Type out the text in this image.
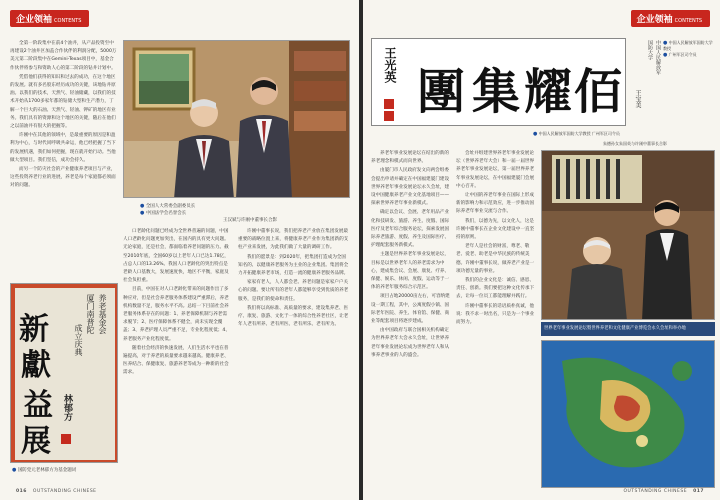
企业领袖 CONTENTS

全第一阶段集中在前4个油井，从产品投资至中再建设2个油井区加盖合作伙伴的利润分配，5000万美元第二阶段集中在Gemini-Texas项目中，基金合作伙伴将参与和资助人心的第二阶段的钻井计划中。

凭借他们获得的知识和过去的成功，在这个地区的发展。就有多名股东经历成功的关键，该地钻井原油。以我们的技术，天然气、轻油储藏，以我们的技术开始从1700多家年都的钻储大型和生产潜力，丁解一个巨大的石油、天然气、轻油、钾矿的地区有业务。我们具有的资源和这个地区的关键，随后在他们之以前油井有很大的把握等。

许刚中在其他的领域中，是最重要的原因是和盈利为中心，与时代同呼吸共命运，他已经把握了当下的发展机遇，我们如何把握，现在就开始行动。当他做大型项目。我们坚信，成功会持久。

而另一个防灾社会的产业健康养老项目与产业，这些投资养老行业的进展，养老是每个家庭都必须面对的问题。

● 全国人大常委会副委员长
● 中国法学会名誉会长
王汉斌与许刚中董事长合影

口老龄化问题已经成为全世界普遍的问题，中国人口老龄化问题更加突出，在国内的具有更大问题。无论家庭，还是社会，都面临着养老问题的压力。截至2010年底，全国60岁以上老年人口已达1.78亿，占总人口的13.26%。我国人口老龄化的突出特点是老龄人口基数大，发展速度快，地区不平衡，家庭及社会负担重。

目前，中国在对人口老龄化带来的问题作出了多种应对，但是社会养老服务体系建设严重滞后，养老机构数量不足，服务水平不高。总结一下目前社会养老服务体系存在的问题：1、养老保障机制与养老需求脱节；2、医疗保障体系不健全，尚未实现全覆盖；3、养老护理人员严重不足，专业化程度低；4、养老服务产业化程度低。

随着社会经济的快速发展，人们生活水平也在普遍提高，对于养老的质量要求越来越高。健康养老、医养结合、保健康复、旅游养老等成为一种新的社会需求。

许刚中董事长说，我们把养老产业放在集团发展最重要的战略位置上来，将健康养老产业作为集团新的支柱产业来发展，为此我们做了大量的调研工作。

我们的愿景是：到2020年，把集团打造成为全国知名的、以健康养老服务为主业的企业集团。集团将全力开拓健康养老市场，打造一流的健康养老服务品牌。

家家有老人，人人都会老。养老问题是家家户户关心的问题。要让所有的老年人都能够享受到优质的养老服务，是我们的使命和责任。

我们将以高标准、高质量的要求，建设集养老、医疗、康复、旅游、文化于一体的综合性养老社区，让老年人老有所养、老有所医、老有所乐、老有所为。

新
獻
益
展
厦门南普陀 养老基金会
成立庆典
林郁方
● 国防党元老林郁方为基金题词
016 OUTSTANDING CHINESE
企业领袖 CONTENTS
王光英 團 集 耀 佰
中国人民解放军
国防大学
王宝美
● 中国人民解放军国防大学教授
● 广州军区司令员
● 中国人民解放军国防大学教授 广州军区司令员
朱德孙女朱国英与许刚中董事长合影

养老年事业发展论坛在结出的新的养老理念和模式而向世界。

由厦门市人民政府发文向两会组委会提出申请并确定在中国福建厦门建设世界养老年事业发展论坛永久会址，建设中国健康养老产业文化基地项目——探索世界养老年事业新模式。

确定以会议、会展、老年用品产业化和技研发、旅游、养生、度假、国际医疗及老年综合服务论坛，探索发展国际养老旅游、度假、养生及国际医疗、护理配套服务新模式。

主题是世界养老年事业发展论坛，目标是以世界老年人的养老需求为中心，建成集会议、会展、康复、疗养、保健、娱乐、休闲、度假、运动等于一体的养老年服务综合示范区。

项目占地20000亩左右，可容纳建设一期工程，其中，公寓度假小镇、国际老年医院、养生、体育馆、保健、商业等配套项目将逐步建成。

由中国政府与联合国相关机构确定为世界养老年大会永久会址，让世界养老年事业发展论坛成为世界老年人和从事养老事业的人的盛会。

会址并组建世界养老年事业发展论坛（世界养老年大会）和一届一届世界养老年事业发展论坛，第一届世界养老年事业发展论坛，在中国福建厦门会展中心召开。

让中国的养老年事业在国际上形成新的影响力和示范效应，进一步推动国际养老年事业交流与合作。

我们，以德为先，以文化人，这是许刚中董事长在企业文化建设中一直坚持的原则。

老年人是社会的财富，尊老、敬老、爱老、助老是中华民族的传统美德。许刚中董事长说，做养老产业是一项功德无量的事业。

我们的企业文化是：诚信、感恩、责任、创新。我们要把这种文化传承下去，让每一位员工都能理解并践行。

许刚中董事长的话语质朴真诚，他说：我不求一时出名，只是为一个事业而努力。

世界老年事业发展论坛暨世界养老和文化健康产业博览会永久会址和举办地
OUTSTANDING CHINESE 017
